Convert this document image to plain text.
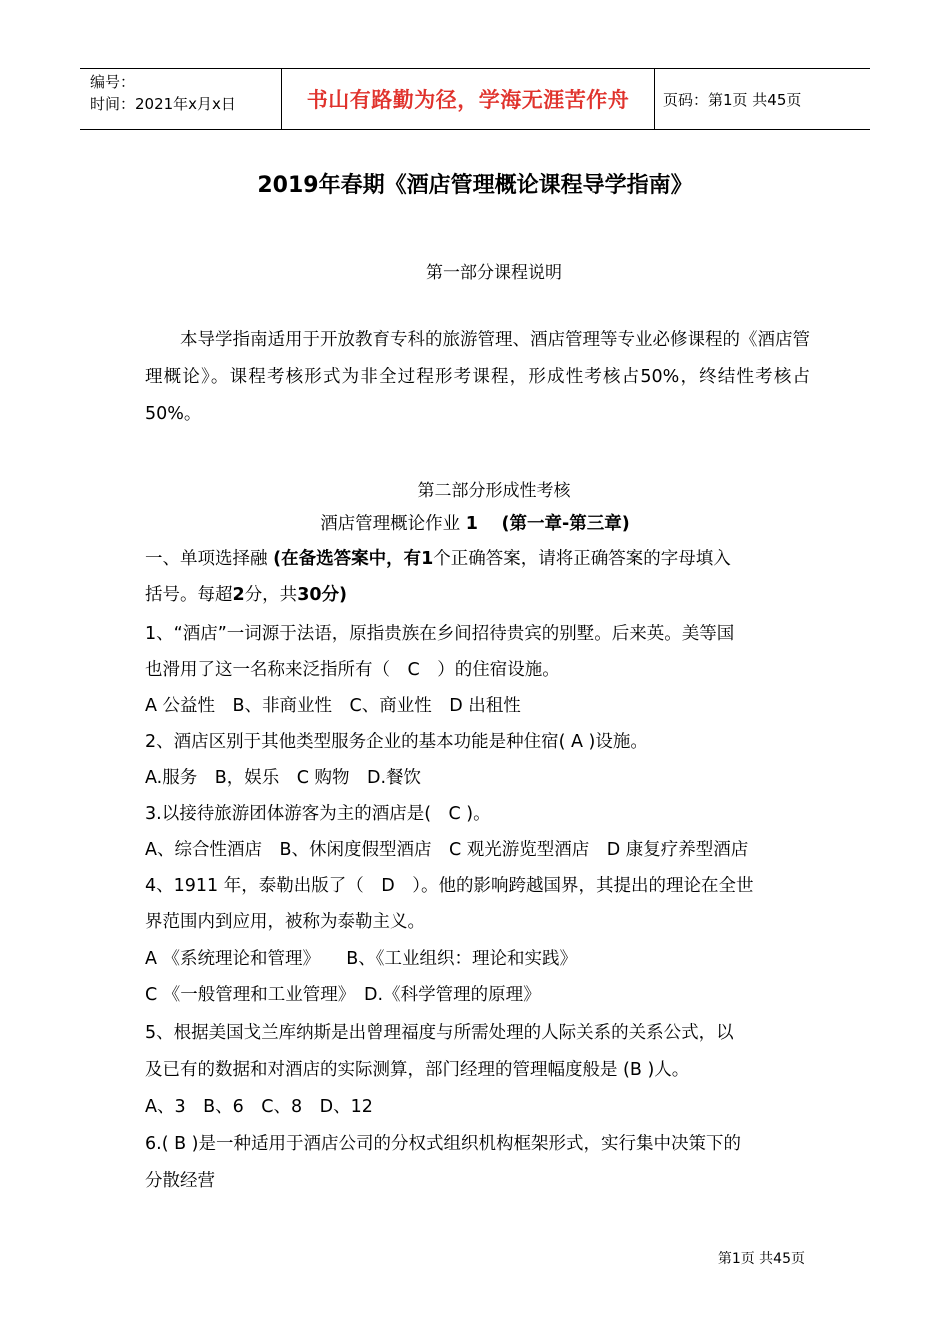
编号：
时间：2021年x月x日	书山有路勤为径，学海无涯苦作舟 页码：第1页 共45页
2019年春期《酒店管理概论课程导学指南》
第一部分课程说明
本导学指南适用于开放教育专科的旅游管理、酒店管理等专业必修课程的《酒店管理概论》。课程考核形式为非全过程形考课程，形成性考核占50%，终结性考核占50%。
第二部分形成性考核
酒店管理概论作业 1 (第一章-第三章)
一、单项选择融 (在备选答案中，有1个正确答案，请将正确答案的字母填入
括号。每超2分，共30分)
1、“酒店”一词源于法语，原指贵族在乡间招待贵宾的别墅。后来英。美等国
也滑用了这一名称来泛指所有（　C　）的住宿设施。
A 公益性　B、非商业性　C、商业性　D 出租性
2、酒店区别于其他类型服务企业的基本功能是种住宿( A )设施。
A.服务　B，娱乐　C 购物　D.餐饮
3.以接待旅游团体游客为主的酒店是(　C )。
A、综合性酒店　B、休闲度假型酒店　C 观光游览型酒店　D 康复疗养型酒店
4、1911 年，泰勒出版了（　D　）。他的影响跨越国界，其提出的理论在全世
界范围内到应用，被称为泰勒主义。
A 《系统理论和管理》　　B、《工业组织：理论和实践》
C 《一般管理和工业管理》　D.《科学管理的原理》
5、根据美国戈兰库纳斯是出曾理福度与所需处理的人际关系的关系公式，以
及已有的数据和对酒店的实际测算，部门经理的管理幅度般是 (B )人。
A、3　B、6　C、8　D、12
6.( B )是一种适用于酒店公司的分权式组织机构框架形式，实行集中决策下的
分散经营
第1页 共45页
